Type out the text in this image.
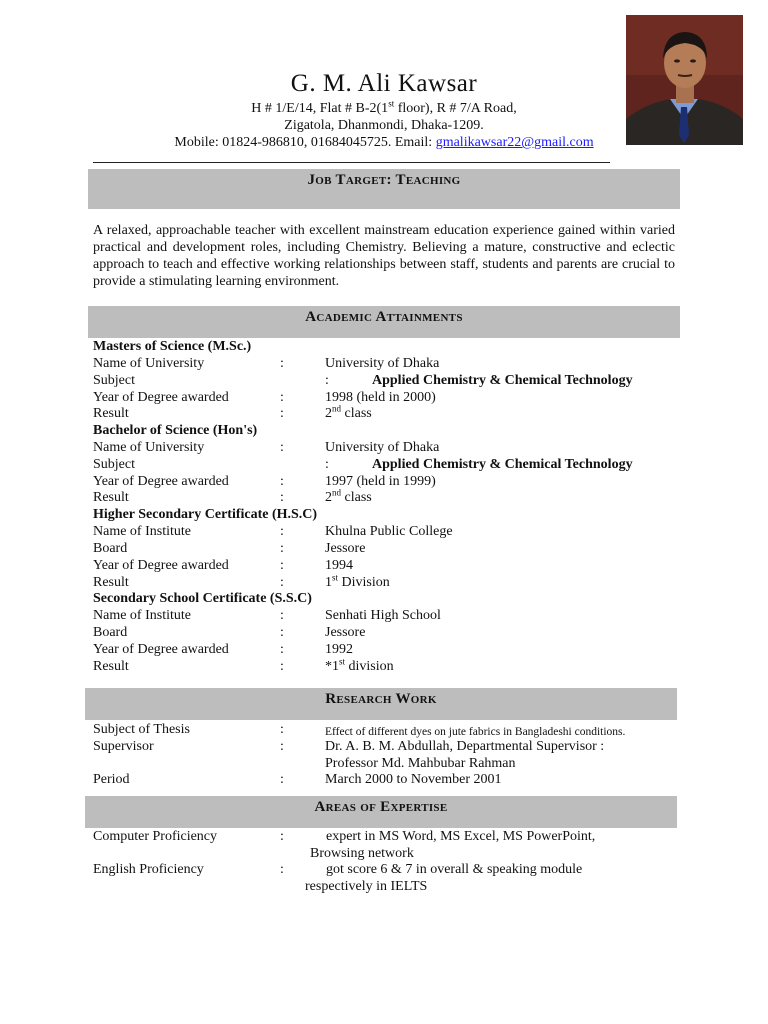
G. M. Ali Kawsar
H # 1/E/14, Flat # B-2(1st floor), R # 7/A Road,
Zigatola, Dhanmondi, Dhaka-1209.
Mobile: 01824-986810, 01684045725. Email: gmalikawsar22@gmail.com
Job Target: Teaching
A relaxed, approachable teacher with excellent mainstream education experience gained within varied practical and development roles, including Chemistry. Believing a mature, constructive and eclectic approach to teach and effective working relationships between staff, students and parents are crucial to provide a stimulating learning environment.
Academic Attainments
Masters of Science (M.Sc.)
Name of University	:	University of Dhaka
Subject	:	Applied Chemistry & Chemical Technology
Year of Degree awarded	:	1998 (held in 2000)
Result	:	2nd class
Bachelor of Science (Hon's)
Name of University	:	University of Dhaka
Subject	:	Applied Chemistry & Chemical Technology
Year of Degree awarded	:	1997 (held in 1999)
Result	:	2nd class
Higher Secondary Certificate (H.S.C)
Name of Institute	:	Khulna Public College
Board	:	Jessore
Year of Degree awarded	:	1994
Result	:	1st Division
Secondary School Certificate (S.S.C)
Name of Institute	:	Senhati High School
Board	:	Jessore
Year of Degree awarded	:	1992
Result	:	*1st division
Research Work
Subject of Thesis	:	Effect of different dyes on jute fabrics in Bangladeshi conditions.
Supervisor	:	Dr. A. B. M. Abdullah, Departmental Supervisor :
Professor Md. Mahbubar Rahman
Period	:	March 2000 to November 2001
Areas of Expertise
Computer Proficiency	:	expert in MS Word, MS Excel, MS PowerPoint,
Browsing network
English Proficiency	:	got score 6 & 7 in overall & speaking module
respectively in IELTS
